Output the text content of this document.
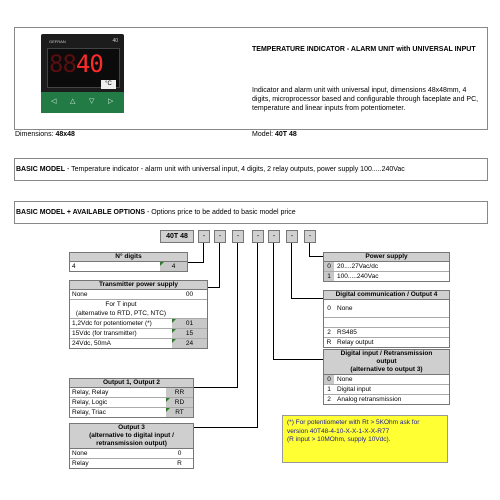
GEFRAN	40
8840
°C
◁ △ ▽ ▷
TEMPERATURE INDICATOR - ALARM UNIT with UNIVERSAL INPUT
Indicator and alarm unit with universal input, dimensions 48x48mm, 4 digits, microprocessor based and configurable through faceplate and PC, temperature and linear inputs from potentiometer.
Dimensions: 48x48	Model: 40T 48
BASIC MODEL - Temperature indicator - alarm unit with universal input, 4 digits, 2 relay outputs, power supply 100.....240Vac
BASIC MODEL + AVAILABLE OPTIONS - Options price to be added to basic model price
40T 48	-	-	-	-	-	-	-
N° digits
4	4
Transmitter power supply
None	00
For T input
(alternative to RTD, PTC, NTC)
1,2Vdc for potentiometer (*)	01
15Vdc (for transmitter)	15
24Vdc, 50mA	24
Output 1, Output 2
Relay, Relay	RR
Relay, Logic	RD
Relay, Triac	RT
Output 3
(alternative to digital input /
retransmission output)
None	0
Relay	R
Power supply
0 20....27Vac/dc
1 100.....240Vac
Digital communication / Output 4
0 None
2 RS485
R Relay output
Digital input / Retransmission
output
(alternative to output 3)
0 None
1 Digital input
2 Analog retransmission
(*) For potentiometer with Rt > 5KOhm ask for
version 40T48-4-10-X-X-1-X-X-R77
(R input > 10MOhm, supply 10Vdc).
